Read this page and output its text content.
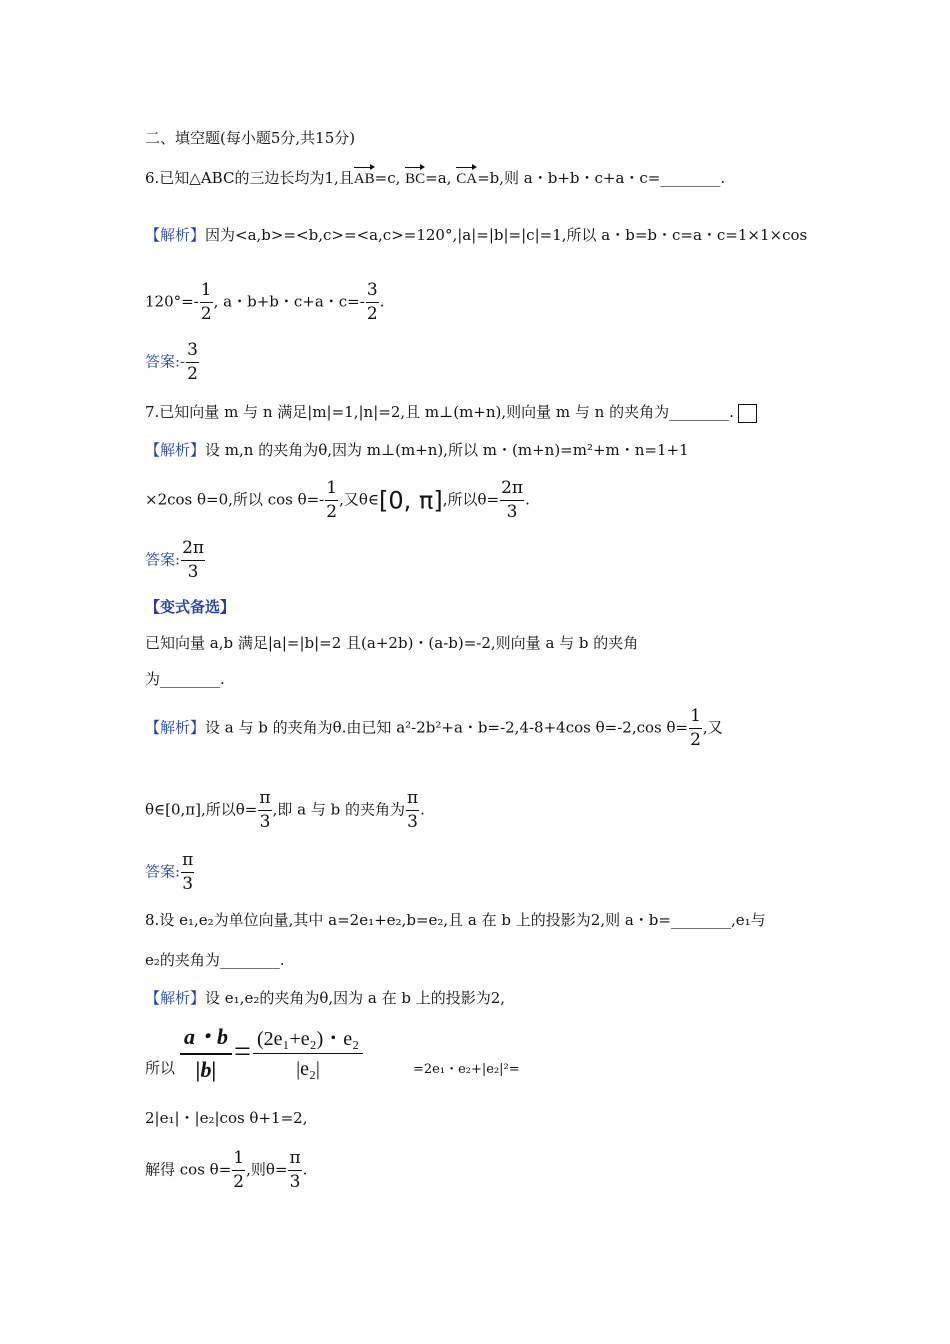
二、填空题(每小题5分,共15分)
6.已知△ABC的三边长均为1,且AB=c, BC=a, CA=b,则 a・b+b・c+a・c=________.
【解析】因为<a,b>=<b,c>=<a,c>=120°,|a|=|b|=|c|=1,所以 a・b=b・c=a・c=1×1×cos
$120^\circ=- \frac{1}{2}$ , a・b+b・c+a・$c=- \frac{3}{2}$ .
答案:- $\frac{3}{2}$
7.已知向量 m 与 n 满足|m|=1,|n|=2,且 m⊥(m+n),则向量 m 与 n 的夹角为________.
【解析】设 m,n 的夹角为θ,因为 m⊥(m+n),所以 m・(m+n)=m²+m・n=1+1
×2cos θ=0,所以 $\cos \theta=- \frac{1}{2}$ ,又θ∈[0, π],所以$\theta= \frac{2\pi}{3}$ .
答案: $\frac{2\pi}{3}$
【变式备选】
已知向量 a,b 满足|a|=|b|=2 且(a+2b)・(a-b)=-2,则向量 a 与 b 的夹角
为________.
【解析】设 a 与 b 的夹角为θ.由已知 a²-2b²+a・b=-2,4-8+4cos θ=-2,cos $\theta= \frac{1}{2}$ ,又
θ∈[0,π],所以$\theta= \frac{\pi}{3}$ ,即 a 与 b 的夹角为 $\frac{\pi}{3}$ .
答案: $\frac{\pi}{3}$
8.设 e₁,e₂为单位向量,其中 a=2e₁+e₂,b=e₂,且 a 在 b 上的投影为2,则 a・b=________,e₁与
e₂的夹角为________.
【解析】设 e₁,e₂的夹角为θ,因为 a 在 b 上的投影为2,
所以 $\frac{a・b}{|b|} = \frac{\text{(2e₁+e₂)・e₂}}{\text{|e₂|}}$	=2e₁・e₂+|e₂|²=
2|e₁|・|e₂|cos θ+1=2,
解得 $\cos \theta= \frac{1}{2}$ ,则$\theta= \frac{\pi}{3}$ .
